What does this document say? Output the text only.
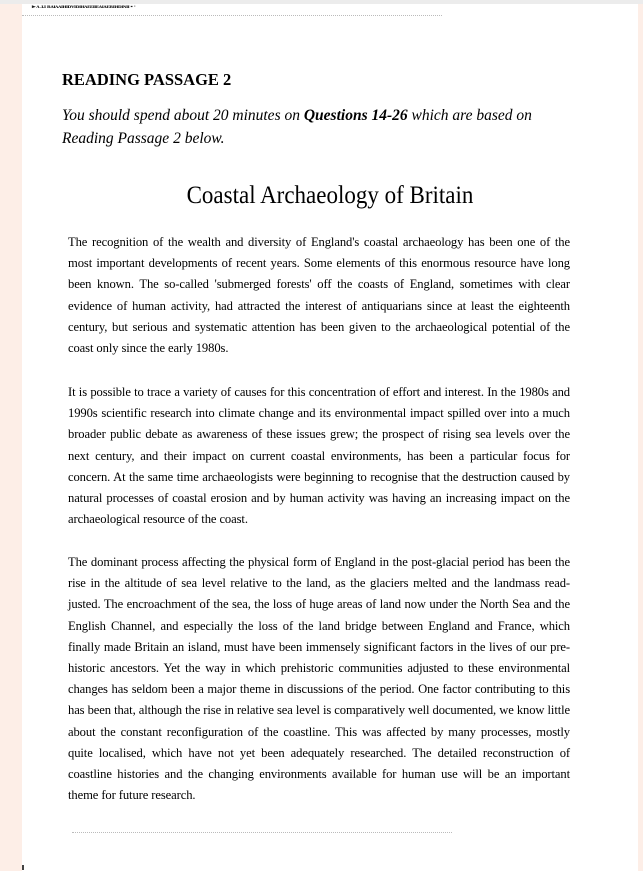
▸ ᴧ ɹɹ ʀᴀɪᴧʌɪᴎɪᴅᴠɪᴅɪᴎᴧᴇᴇɪɪᴇᴀɪᴀᴇʀɪᴎᴅɪɴɪɪ ▪ ·
READING PASSAGE 2
You should spend about 20 minutes on Questions 14-26 which are based on Reading Passage 2 below.
Coastal Archaeology of Britain
The recognition of the wealth and diversity of England's coastal archaeology has been one of the most important developments of recent years. Some elements of this enormous resource have long been known. The so-called 'submerged forests' off the coasts of England, sometimes with clear evidence of human activity, had attracted the interest of antiquarians since at least the eighteenth century, but serious and systematic attention has been given to the archaeological potential of the coast only since the early 1980s.
It is possible to trace a variety of causes for this concentration of effort and interest. In the 1980s and 1990s scientific research into climate change and its environmental impact spilled over into a much broader public debate as awareness of these issues grew; the prospect of rising sea levels over the next century, and their impact on current coastal environments, has been a particular focus for concern. At the same time archaeologists were beginning to recognise that the destruction caused by natural processes of coastal erosion and by human activity was having an increasing impact on the archaeological resource of the coast.
The dominant process affecting the physical form of England in the post-glacial period has been the rise in the altitude of sea level relative to the land, as the glaciers melted and the landmass read-justed. The encroachment of the sea, the loss of huge areas of land now under the North Sea and the English Channel, and especially the loss of the land bridge between England and France, which finally made Britain an island, must have been immensely significant factors in the lives of our pre-historic ancestors. Yet the way in which prehistoric communities adjusted to these environmental changes has seldom been a major theme in discussions of the period. One factor contributing to this has been that, although the rise in relative sea level is comparatively well documented, we know little about the constant reconfiguration of the coastline. This was affected by many processes, mostly quite localised, which have not yet been adequately researched. The detailed reconstruction of coastline histories and the changing environments available for human use will be an important theme for future research.
